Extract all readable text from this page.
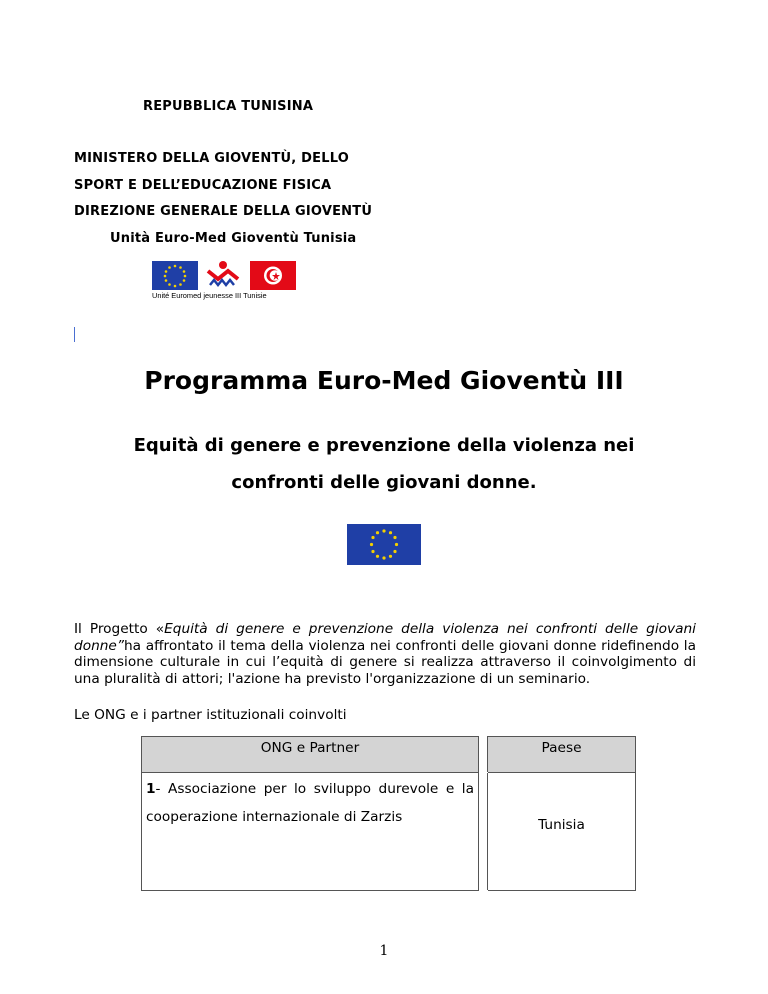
REPUBBLICA TUNISINA
MINISTERO DELLA GIOVENTÙ, DELLO
SPORT E DELL’EDUCAZIONE FISICA
DIREZIONE GENERALE DELLA GIOVENTÙ
Unità Euro-Med Gioventù Tunisia
Unité Euromed jeunesse III Tunisie
Programma Euro-Med Gioventù III
Equità di genere e prevenzione della violenza nei
confronti delle giovani donne.
Il Progetto «Equità di genere e prevenzione della violenza nei confronti delle giovani donne”ha affrontato il tema della violenza nei confronti delle giovani donne ridefinendo la dimensione culturale in cui l’equità di genere si realizza attraverso il coinvolgimento di una pluralità di attori; l'azione ha previsto l'organizzazione di un seminario.
Le ONG e i partner istituzionali coinvolti
ONG e Partner		Paese
1- Associazione per lo sviluppo durevole e la cooperazione internazionale di Zarzis		Tunisia
1
